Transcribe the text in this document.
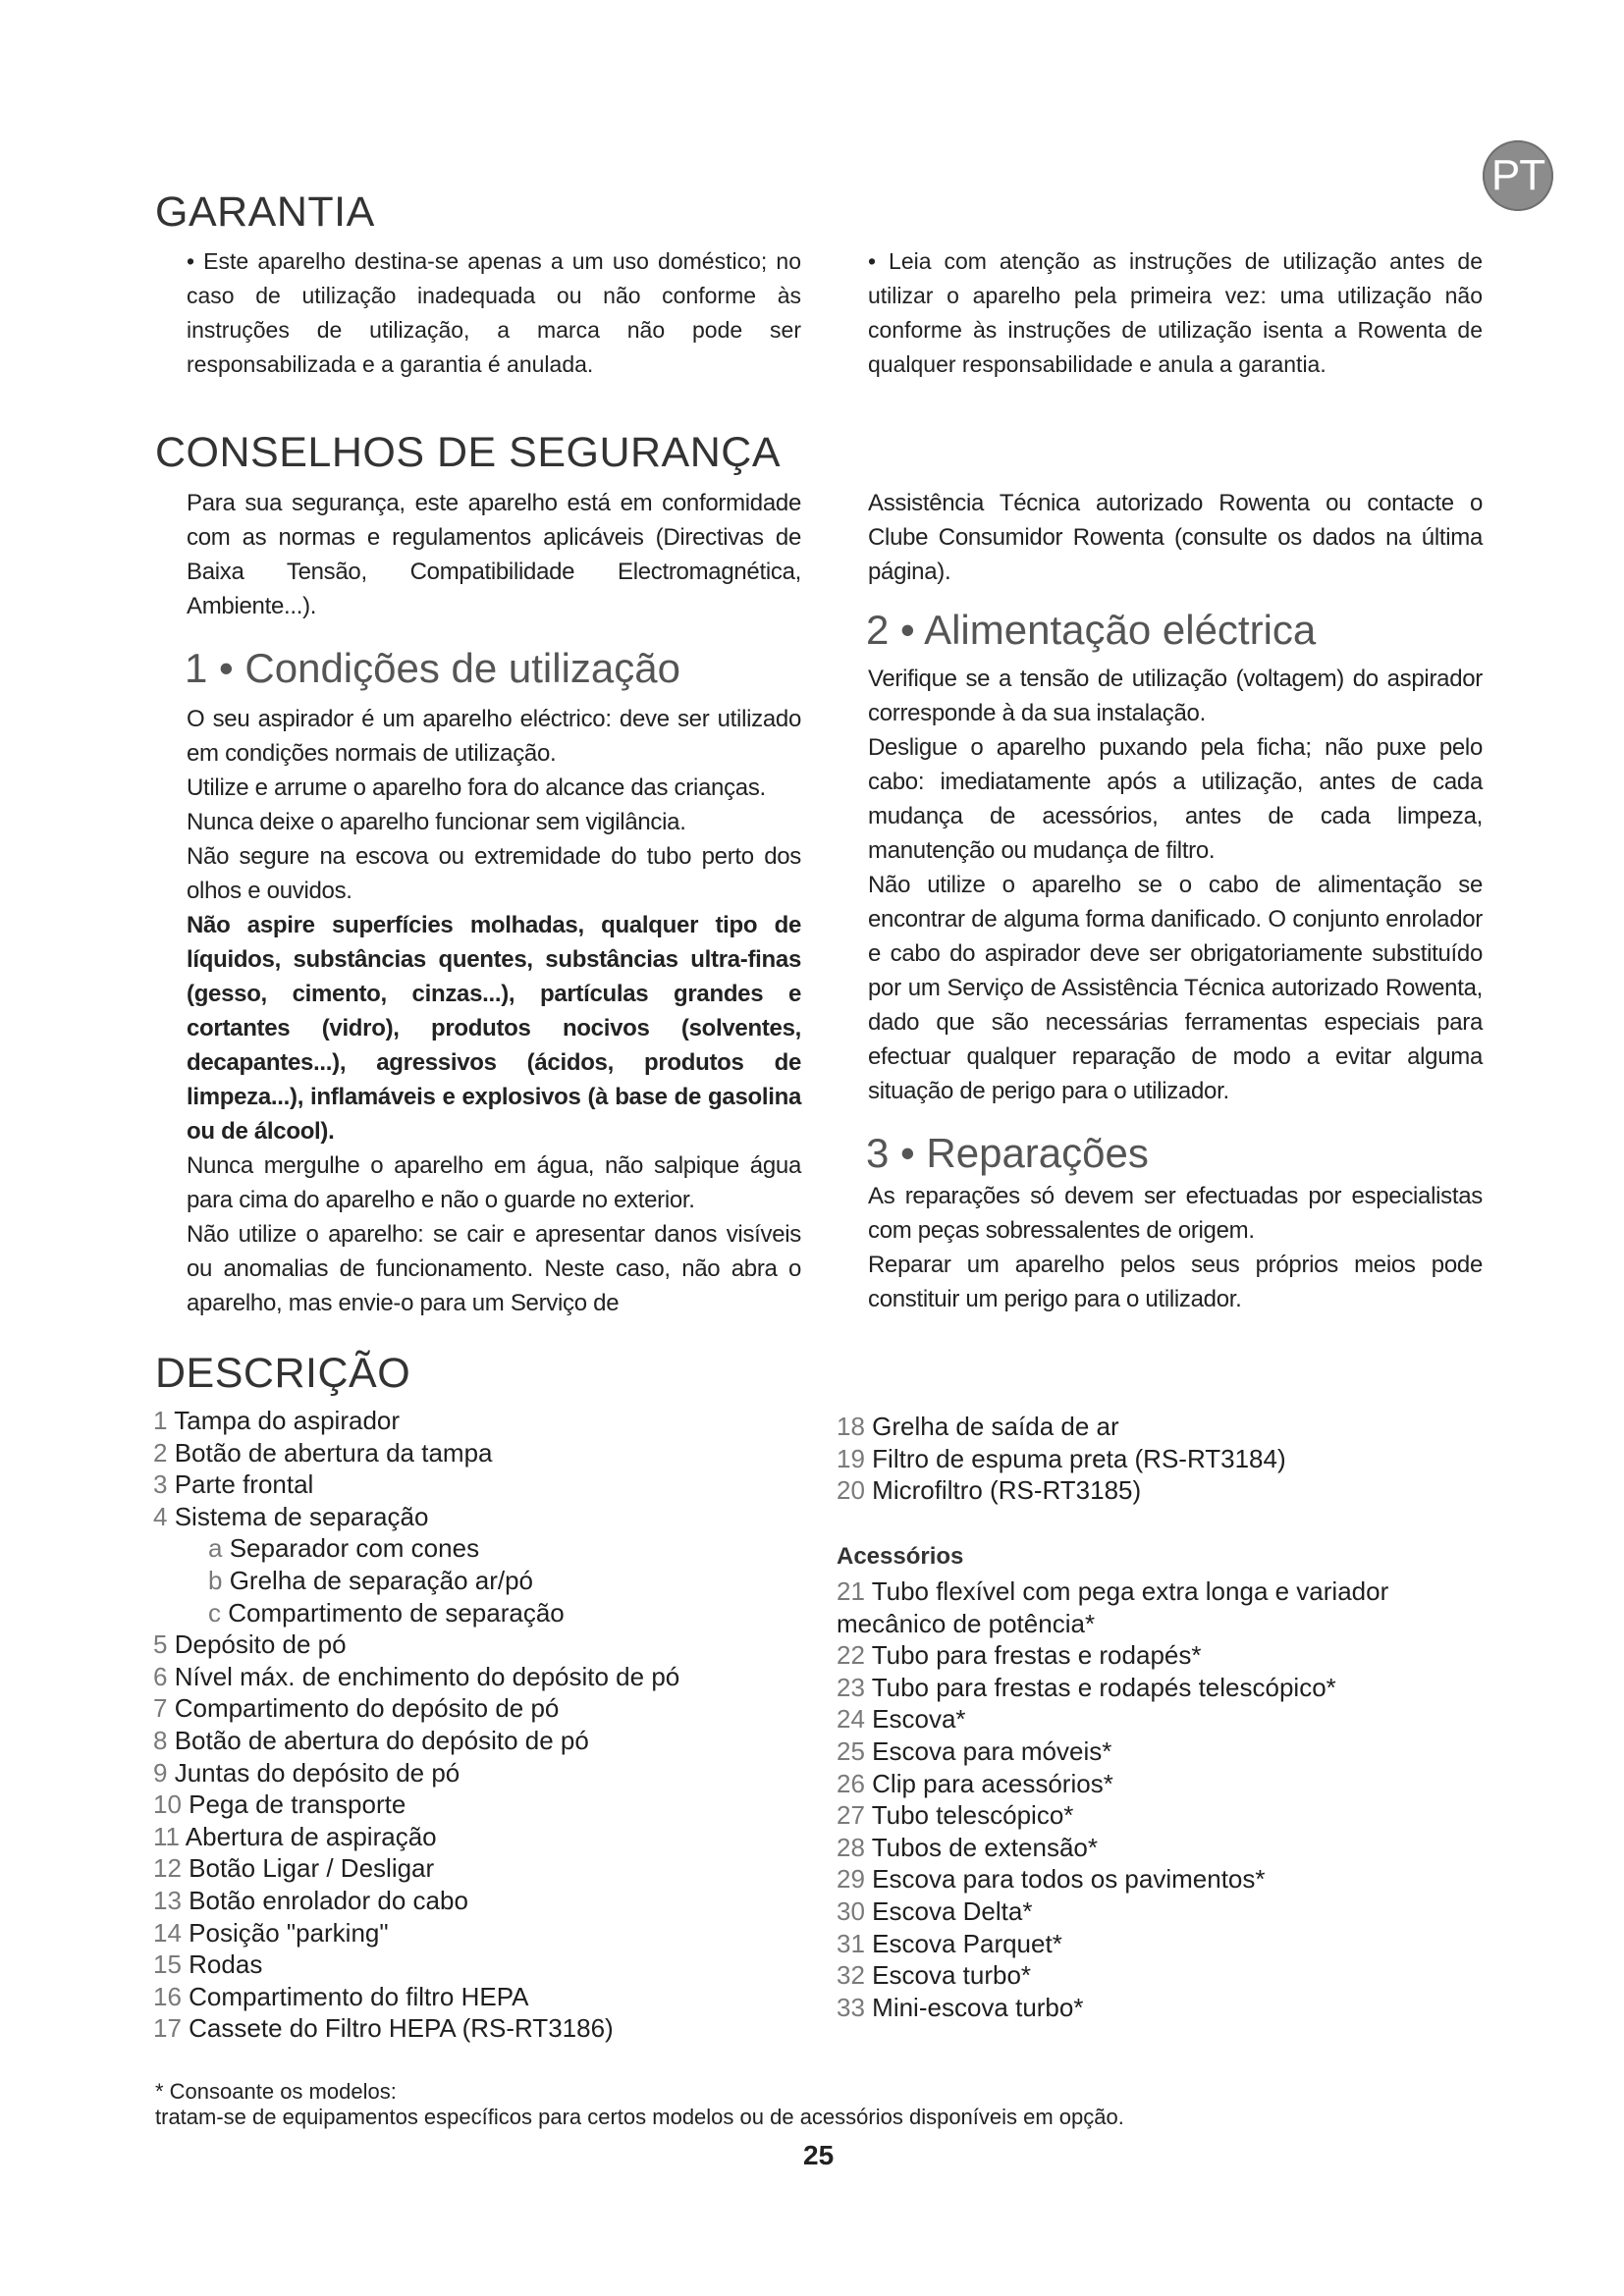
PT
GARANTIA

• Este aparelho destina-se apenas a um uso doméstico; no caso de utilização inadequada ou não conforme às instruções de utilização, a marca não pode ser responsabilizada e a garantia é anulada.

• Leia com atenção as instruções de utilização antes de utilizar o aparelho pela primeira vez: uma utilização não conforme às instruções de utilização isenta a Rowenta de qualquer responsabilidade e anula a garantia.

CONSELHOS DE SEGURANÇA

Para sua segurança, este aparelho está em conformidade com as normas e regulamentos aplicáveis (Directivas de Baixa Tensão, Compatibilidade Electromagnética, Ambiente...).

1 • Condições de utilização

O seu aspirador é um aparelho eléctrico: deve ser utilizado em condições normais de utilização.

Utilize e arrume o aparelho fora do alcance das crianças.

Nunca deixe o aparelho funcionar sem vigilância.

Não segure na escova ou extremidade do tubo perto dos olhos e ouvidos.

Não aspire superfícies molhadas, qualquer tipo de líquidos, substâncias quentes, substâncias ultra-finas (gesso, cimento, cinzas...), partículas grandes e cortantes (vidro), produtos nocivos (solventes, decapantes...), agressivos (ácidos, produtos de limpeza...), inflamáveis e explosivos (à base de gasolina ou de álcool).

Nunca mergulhe o aparelho em água, não salpique água para cima do aparelho e não o guarde no exterior.

Não utilize o aparelho: se cair e apresentar danos visíveis ou anomalias de funcionamento. Neste caso, não abra o aparelho, mas envie-o para um Serviço de

Assistência Técnica autorizado Rowenta ou contacte o Clube Consumidor Rowenta (consulte os dados na última página).

2 • Alimentação eléctrica

Verifique se a tensão de utilização (voltagem) do aspirador corresponde à da sua instalação.

Desligue o aparelho puxando pela ficha; não puxe pelo cabo: imediatamente após a utilização, antes de cada mudança de acessórios, antes de cada limpeza, manutenção ou mudança de filtro.

Não utilize o aparelho se o cabo de alimentação se encontrar de alguma forma danificado. O conjunto enrolador e cabo do aspirador deve ser obrigatoriamente substituído por um Serviço de Assistência Técnica autorizado Rowenta, dado que são necessárias ferramentas especiais para efectuar qualquer reparação de modo a evitar alguma situação de perigo para o utilizador.

3 • Reparações

As reparações só devem ser efectuadas por especialistas com peças sobressalentes de origem.

Reparar um aparelho pelos seus próprios meios pode constituir um perigo para o utilizador.

DESCRIÇÃO
1 Tampa do aspirador
2 Botão de abertura da tampa
3 Parte frontal
4 Sistema de separação
a Separador com cones
b Grelha de separação ar/pó
c Compartimento de separação
5 Depósito de pó
6 Nível máx. de enchimento do depósito de pó
7 Compartimento do depósito de pó
8 Botão de abertura do depósito de pó
9 Juntas do depósito de pó
10 Pega de transporte
11 Abertura de aspiração
12 Botão Ligar / Desligar
13 Botão enrolador do cabo
14 Posição "parking"
15 Rodas
16 Compartimento do filtro HEPA
17 Cassete do Filtro HEPA (RS-RT3186)
18 Grelha de saída de ar
19 Filtro de espuma preta (RS-RT3184)
20 Microfiltro (RS-RT3185)
Acessórios
21 Tubo flexível com pega extra longa e variador mecânico de potência*
22 Tubo para frestas e rodapés*
23 Tubo para frestas e rodapés telescópico*
24 Escova*
25 Escova para móveis*
26 Clip para acessórios*
27 Tubo telescópico*
28 Tubos de extensão*
29 Escova para todos os pavimentos*
30 Escova Delta*
31 Escova Parquet*
32 Escova turbo*
33 Mini-escova turbo*
* Consoante os modelos:
tratam-se de equipamentos específicos para certos modelos ou de acessórios disponíveis em opção.
25
